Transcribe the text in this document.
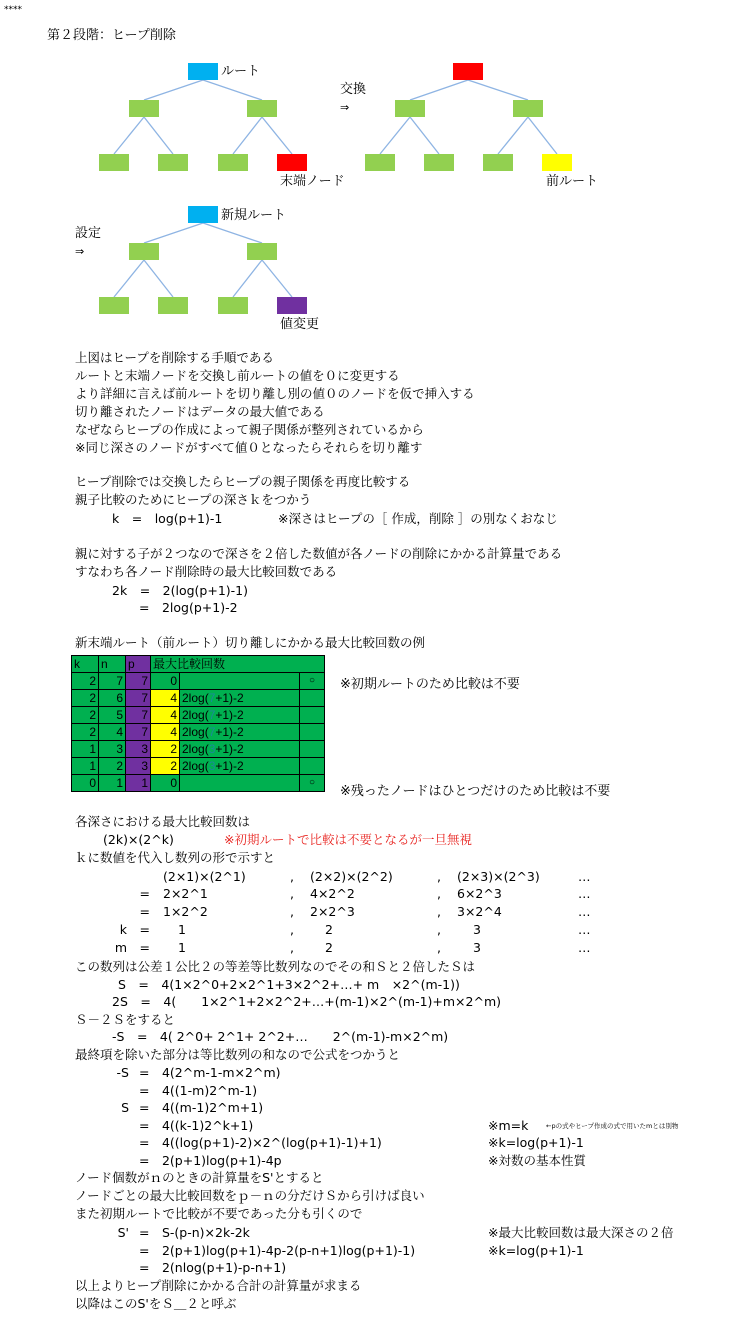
****
第２段階：ヒープ削除
ルート
交換
⇒
末端ノード	前ルート
新規ルート
設定
⇒
値変更
上図はヒープを削除する手順である
ルートと末端ノードを交換し前ルートの値を０に変更する
より詳細に言えば前ルートを切り離し別の値０のノードを仮で挿入する
切り離されたノードはデータの最大値である
なぜならヒープの作成によって親子関係が整列されているから
※同じ深さのノードがすべて値０となったらそれらを切り離す
ヒープ削除では交換したらヒープの親子関係を再度比較する
親子比較のためにヒープの深さｋをつかう
k　=　log(p+1)-1	※深さはヒープの［ 作成，削除 ］の別なくおなじ
親に対する子が２つなので深さを２倍した数値が各ノードの削除にかかる計算量である
すなわち各ノード削除時の最大比較回数である
2k　=　2(log(p+1)-1)
=　2log(p+1)-2
新末端ルート（前ルート）切り離しにかかる最大比較回数の例
k	n	p	最大比較回数		
2	7	7	0		○
2	6	7	4	2log(7+1)-2	
2	5	7	4	2log(7+1)-2	
2	4	7	4	2log(7+1)-2	
1	3	3	2	2log(3+1)-2	
1	2	3	2	2log(3+1)-2	
0	1	1	0		○
※初期ルートのため比較は不要
※残ったノードはひとつだけのため比較は不要
各深さにおける最大比較回数は
(2k)×(2^k)	※初期ルートで比較は不要となるが一旦無視
ｋに数値を代入し数列の形で示すと
(2×1)×(2^1)	, (2×2)×(2^2)	, (2×3)×(2^3)	…
= 2×2^1	, 4×2^2	, 6×2^3	…
= 1×2^2	, 2×2^3	, 3×2^4	…
k　= 1	, 2	,	3	…
m　= 1	, 2	,	3	…
この数列は公差１公比２の等差等比数列なのでその和Ｓと２倍したＳは
S　=　4(1×2^0+2×2^1+3×2^2+…+ m　×2^(m-1))
2S　=　4(　　1×2^1+2×2^2+…+(m-1)×2^(m-1)+m×2^m)
Ｓ－２Ｓをすると
-S　=　4( 2^0+ 2^1+ 2^2+…　　2^(m-1)-m×2^m)
最終項を除いた部分は等比数列の和なので公式をつかうと
-S =　4(2^m-1-m×2^m)
=　4((1-m)2^m-1)
S =　4((m-1)2^m+1)
=　4((k-1)2^k+1)	※m=k	←pの式やヒープ作成の式で用いたmとは別物
=　4((log(p+1)-2)×2^(log(p+1)-1)+1)	※k=log(p+1)-1
=　2(p+1)log(p+1)-4p	※対数の基本性質
ノード個数がｎのときの計算量をS'とすると
ノードごとの最大比較回数をｐ－ｎの分だけＳから引けば良い
また初期ルートで比較が不要であった分も引くので
S' =　S-(p-n)×2k-2k	※最大比較回数は最大深さの２倍
=　2(p+1)log(p+1)-4p-2(p-n+1)log(p+1)-1)	※k=log(p+1)-1
=　2(nlog(p+1)-p-n+1)
以上よりヒープ削除にかかる合計の計算量が求まる
以降はこのS'をＳ＿２と呼ぶ
